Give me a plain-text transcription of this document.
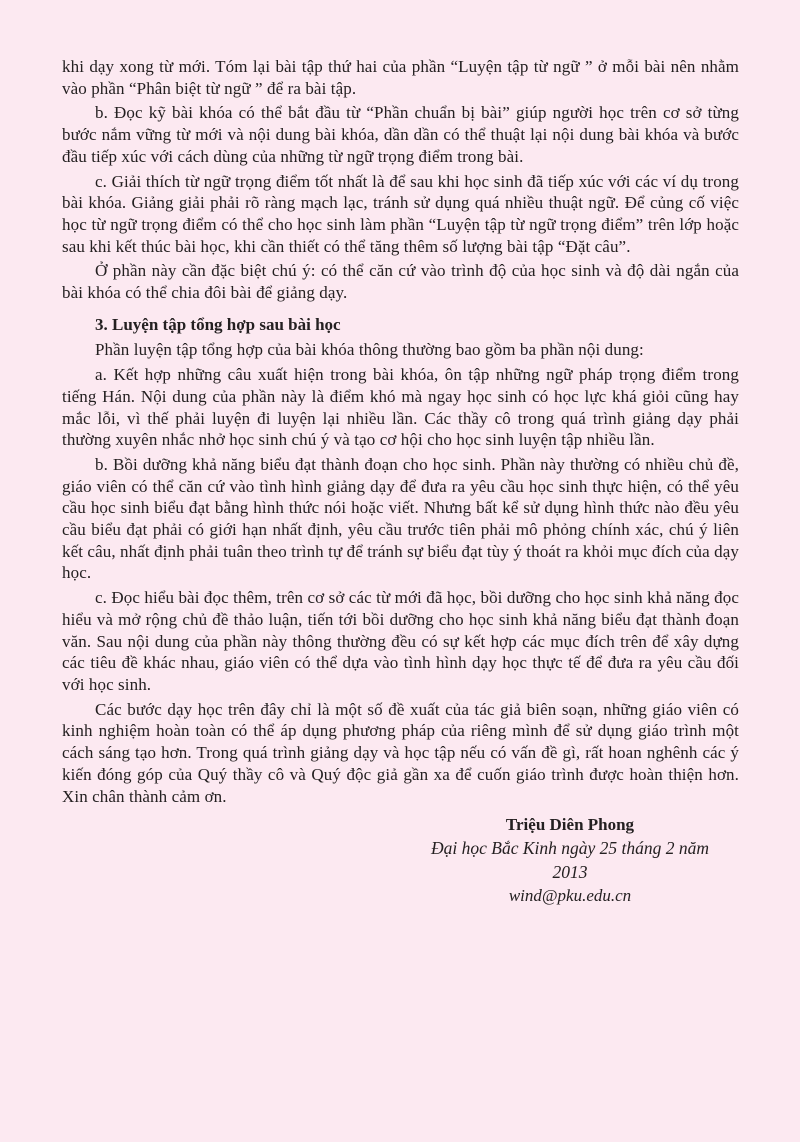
khi dạy xong từ mới. Tóm lại bài tập thứ hai của phần “Luyện tập từ ngữ ” ở mỗi bài nên nhằm vào phần “Phân biệt từ ngữ ” để ra bài tập.

b. Đọc kỹ bài khóa có thể bắt đầu từ “Phần chuẩn bị bài” giúp người học trên cơ sở từng bước nắm vững từ mới và nội dung bài khóa, dần dần có thể thuật lại nội dung bài khóa và bước đầu tiếp xúc với cách dùng của những từ ngữ trọng điểm trong bài.

c. Giải thích từ ngữ trọng điểm tốt nhất là để sau khi học sinh đã tiếp xúc với các ví dụ trong bài khóa. Giảng giải phải rõ ràng mạch lạc, tránh sử dụng quá nhiều thuật ngữ. Để củng cố việc học từ ngữ trọng điểm có thể cho học sinh làm phần “Luyện tập từ ngữ trọng điểm” trên lớp hoặc sau khi kết thúc bài học, khi cần thiết có thể tăng thêm số lượng bài tập “Đặt câu”.

Ở phần này cần đặc biệt chú ý: có thể căn cứ vào trình độ của học sinh và độ dài ngắn của bài khóa có thể chia đôi bài để giảng dạy.

3. Luyện tập tổng hợp sau bài học

Phần luyện tập tổng hợp của bài khóa thông thường bao gồm ba phần nội dung:

a. Kết hợp những câu xuất hiện trong bài khóa, ôn tập những ngữ pháp trọng điểm trong tiếng Hán. Nội dung của phần này là điểm khó mà ngay học sinh có học lực khá giỏi cũng hay mắc lỗi, vì thế phải luyện đi luyện lại nhiều lần. Các thầy cô trong quá trình giảng dạy phải thường xuyên nhắc nhở học sinh chú ý và tạo cơ hội cho học sinh luyện tập nhiều lần.

b. Bồi dưỡng khả năng biểu đạt thành đoạn cho học sinh. Phần này thường có nhiều chủ đề, giáo viên có thể căn cứ vào tình hình giảng dạy để đưa ra yêu cầu học sinh thực hiện, có thể yêu cầu học sinh biểu đạt bằng hình thức nói hoặc viết. Nhưng bất kể sử dụng hình thức nào đều yêu cầu biểu đạt phải có giới hạn nhất định, yêu cầu trước tiên phải mô phỏng chính xác, chú ý liên kết câu, nhất định phải tuân theo trình tự để tránh sự biểu đạt tùy ý thoát ra khỏi mục đích của dạy học.

c. Đọc hiểu bài đọc thêm, trên cơ sở các từ mới đã học, bồi dưỡng cho học sinh khả năng đọc hiểu và mở rộng chủ đề thảo luận, tiến tới bồi dưỡng cho học sinh khả năng biểu đạt thành đoạn văn. Sau nội dung của phần này thông thường đều có sự kết hợp các mục đích trên để xây dựng các tiêu đề khác nhau, giáo viên có thể dựa vào tình hình dạy học thực tế để đưa ra yêu cầu đối với học sinh.

Các bước dạy học trên đây chỉ là một số đề xuất của tác giả biên soạn, những giáo viên có kinh nghiệm hoàn toàn có thể áp dụng phương pháp của riêng mình để sử dụng giáo trình một cách sáng tạo hơn. Trong quá trình giảng dạy và học tập nếu có vấn đề gì, rất hoan nghênh các ý kiến đóng góp của Quý thầy cô và Quý độc giả gần xa để cuốn giáo trình được hoàn thiện hơn. Xin chân thành cảm ơn.

Triệu Diên Phong
Đại học Bắc Kinh ngày 25 tháng 2 năm 2013
wind@pku.edu.cn
